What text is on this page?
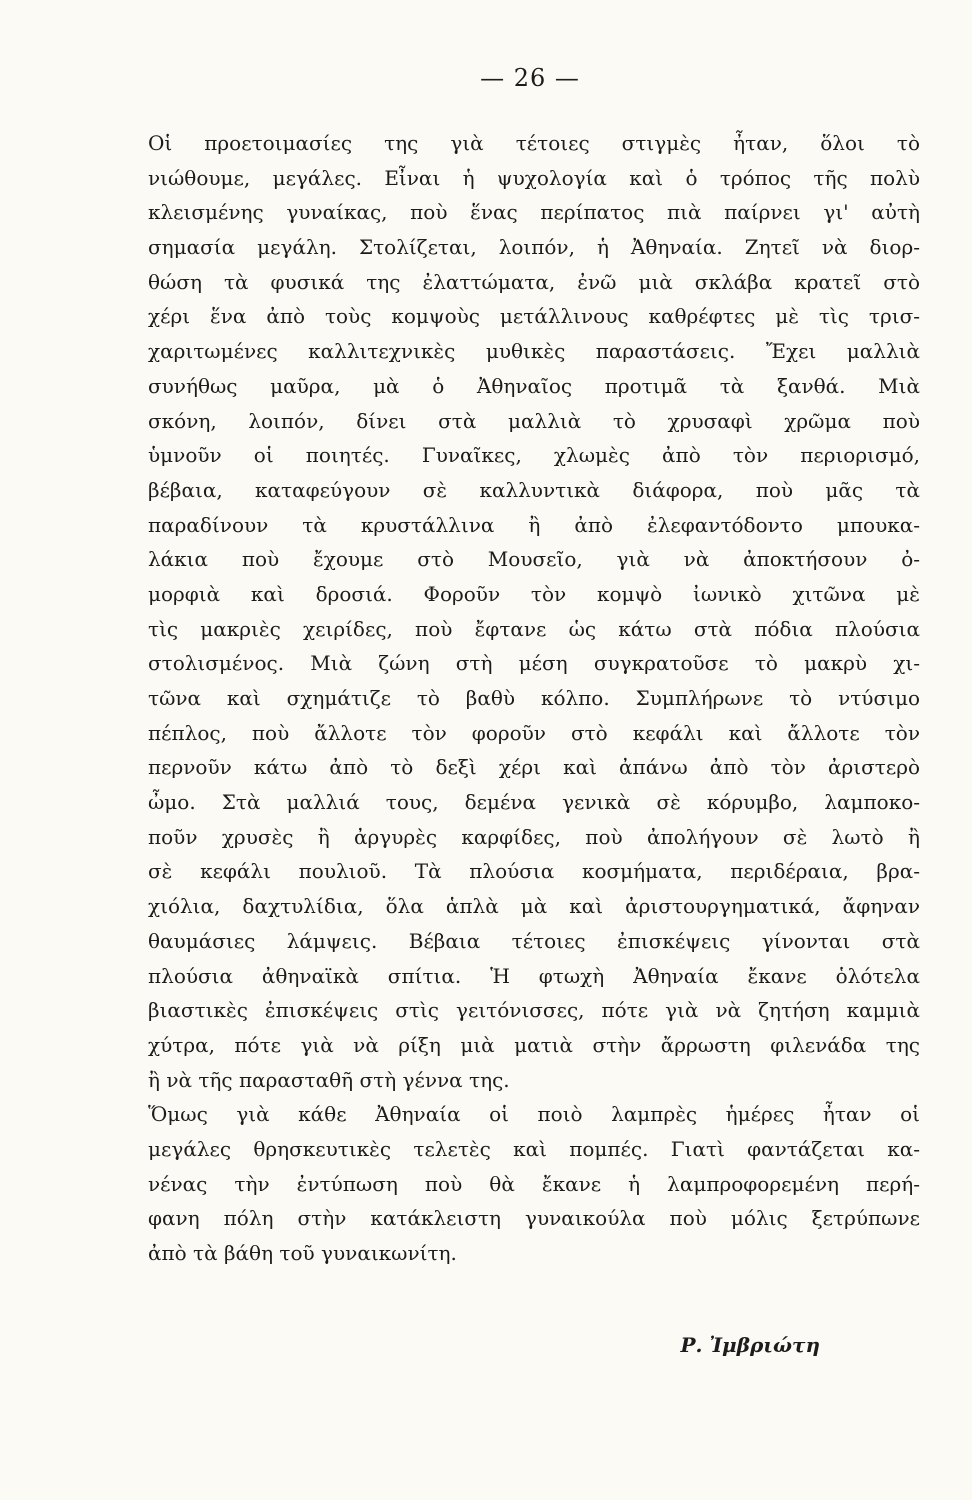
— 26 —
Οἱ προετοιμασίες της γιὰ τέτοιες στιγμὲς ἦταν, ὅλοι τὸ
νιώθουμε, μεγάλες. Εἶναι ἡ ψυχολογία καὶ ὁ τρόπος τῆς πολὺ
κλεισμένης γυναίκας, ποὺ ἕνας περίπατος πιὰ παίρνει γι' αὐτὴ
σημασία μεγάλη. Στολίζεται, λοιπόν, ἡ Ἀθηναία. Ζητεῖ νὰ διορ-
θώση τὰ φυσικά της ἐλαττώματα, ἐνῶ μιὰ σκλάβα κρατεῖ στὸ
χέρι ἕνα ἀπὸ τοὺς κομψοὺς μετάλλινους καθρέφτες μὲ τὶς τρισ-
χαριτωμένες καλλιτεχνικὲς μυθικὲς παραστάσεις. Ἔχει μαλλιὰ
συνήθως μαῦρα, μὰ ὁ Ἀθηναῖος προτιμᾶ τὰ ξανθά. Μιὰ
σκόνη, λοιπόν, δίνει στὰ μαλλιὰ τὸ χρυσαφὶ χρῶμα ποὺ
ὑμνοῦν οἱ ποιητές. Γυναῖκες, χλωμὲς ἀπὸ τὸν περιορισμό,
βέβαια, καταφεύγουν σὲ καλλυντικὰ διάφορα, ποὺ μᾶς τὰ
παραδίνουν τὰ κρυστάλλινα ἢ ἀπὸ ἐλεφαντόδοντο μπουκα-
λάκια ποὺ ἔχουμε στὸ Μουσεῖο, γιὰ νὰ ἀποκτήσουν ὀ-
μορφιὰ καὶ δροσιά. Φοροῦν τὸν κομψὸ ἰωνικὸ χιτῶνα μὲ
τὶς μακριὲς χειρίδες, ποὺ ἔφτανε ὡς κάτω στὰ πόδια πλούσια
στολισμένος. Μιὰ ζώνη στὴ μέση συγκρατοῦσε τὸ μακρὺ χι-
τῶνα καὶ σχημάτιζε τὸ βαθὺ κόλπο. Συμπλήρωνε τὸ ντύσιμο
πέπλος, ποὺ ἄλλοτε τὸν φοροῦν στὸ κεφάλι καὶ ἄλλοτε τὸν
περνοῦν κάτω ἀπὸ τὸ δεξὶ χέρι καὶ ἀπάνω ἀπὸ τὸν ἀριστερὸ
ὦμο. Στὰ μαλλιά τους, δεμένα γενικὰ σὲ κόρυμβο, λαμποκο-
ποῦν χρυσὲς ἢ ἀργυρὲς καρφίδες, ποὺ ἀπολήγουν σὲ λωτὸ ἢ
σὲ κεφάλι πουλιοῦ. Τὰ πλούσια κοσμήματα, περιδέραια, βρα-
χιόλια, δαχτυλίδια, ὅλα ἁπλὰ μὰ καὶ ἀριστουργηματικά, ἄφηναν
θαυμάσιες λάμψεις. Βέβαια τέτοιες ἐπισκέψεις γίνονται στὰ
πλούσια ἀθηναϊκὰ σπίτια. Ἡ φτωχὴ Ἀθηναία ἔκανε ὁλότελα
βιαστικὲς ἐπισκέψεις στὶς γειτόνισσες, πότε γιὰ νὰ ζητήση καμμιὰ
χύτρα, πότε γιὰ νὰ ρίξη μιὰ ματιὰ στὴν ἄρρωστη φιλενάδα της
ἢ νὰ τῆς παρασταθῆ στὴ γέννα της.
Ὅμως γιὰ κάθε Ἀθηναία οἱ ποιὸ λαμπρὲς ἡμέρες ἦταν οἱ
μεγάλες θρησκευτικὲς τελετὲς καὶ πομπές. Γιατὶ φαντάζεται κα-
νένας τὴν ἐντύπωση ποὺ θὰ ἔκανε ἡ λαμπροφορεμένη περή-
φανη πόλη στὴν κατάκλειστη γυναικούλα ποὺ μόλις ξετρύπωνε
ἀπὸ τὰ βάθη τοῦ γυναικωνίτη.
Ρ. Ἰμβριώτη
